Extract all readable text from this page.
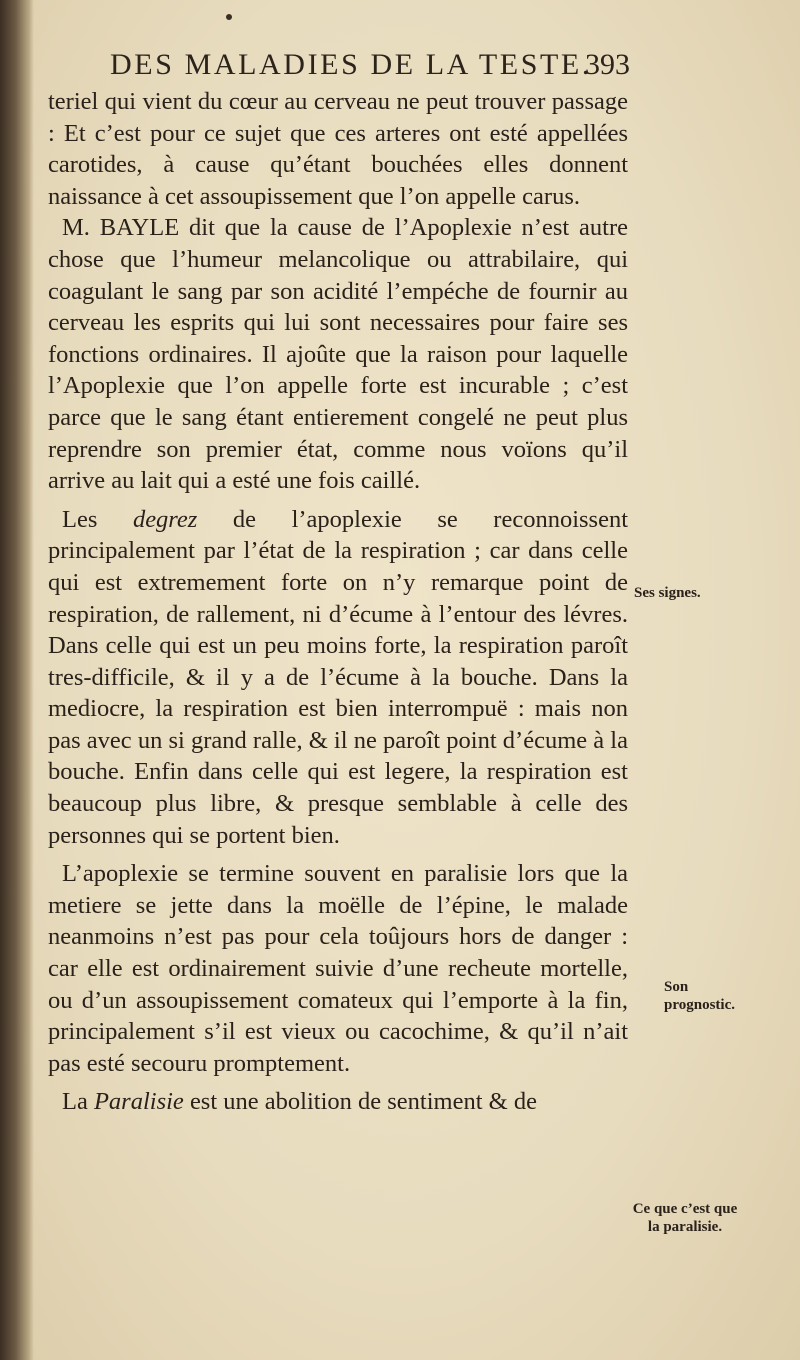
DES MALADIES DE LA TESTE.
393

teriel qui vient du cœur au cerveau ne peut trouver passage : Et c’est pour ce sujet que ces arteres ont esté appellées carotides, à cause qu’étant bouchées elles donnent naissance à cet assoupissement que l’on appelle carus.

M. BAYLE dit que la cause de l’Apoplexie n’est autre chose que l’humeur melancolique ou attrabilaire, qui coagulant le sang par son acidité l’empéche de fournir au cerveau les esprits qui lui sont necessaires pour faire ses fonctions ordinaires. Il ajoûte que la raison pour laquelle l’Apoplexie que l’on appelle forte est incurable ; c’est parce que le sang étant entierement congelé ne peut plus reprendre son premier état, comme nous voïons qu’il arrive au lait qui a esté une fois caillé.

Les degrez de l’apoplexie se reconnoissent principalement par l’état de la respiration ; car dans celle qui est extremement forte on n’y remarque point de respiration, de rallement, ni d’écume à l’entour des lévres. Dans celle qui est un peu moins forte, la respiration paroît tres-difficile, & il y a de l’écume à la bouche. Dans la mediocre, la respiration est bien interrompuë : mais non pas avec un si grand ralle, & il ne paroît point d’écume à la bouche. Enfin dans celle qui est legere, la respiration est beaucoup plus libre, & presque semblable à celle des personnes qui se portent bien.

L’apoplexie se termine souvent en paralisie lors que la metiere se jette dans la moëlle de l’épine, le malade neanmoins n’est pas pour cela toûjours hors de danger : car elle est ordinairement suivie d’une recheute mortelle, ou d’un assoupissement comateux qui l’emporte à la fin, principalement s’il est vieux ou cacochime, & qu’il n’ait pas esté secouru promptement.

La Paralisie est une abolition de sentiment & de

Ses signes.
Son prognostic.
Ce que c’est que la paralisie.
